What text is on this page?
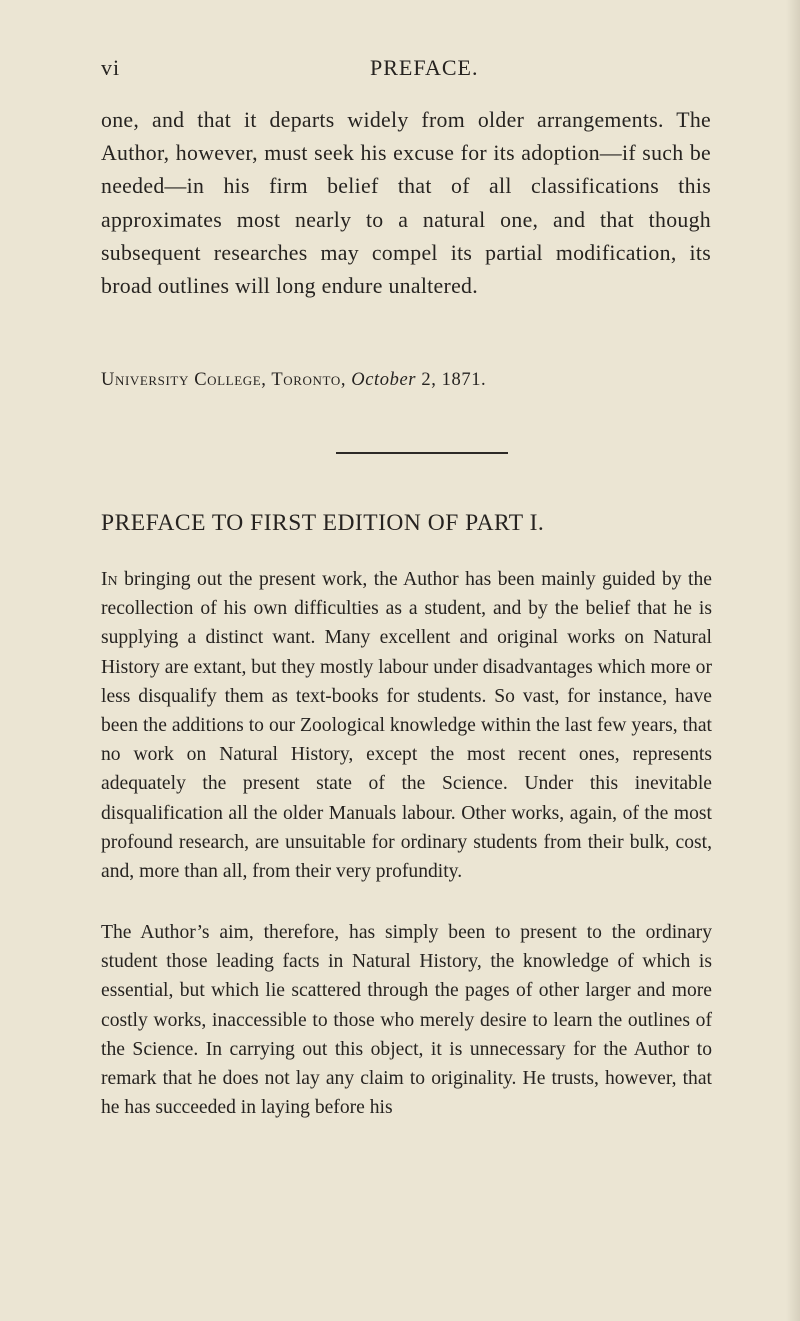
vi	PREFACE.

one, and that it departs widely from older arrangements. The Author, however, must seek his excuse for its adoption—if such be needed—in his firm belief that of all classifications this approximates most nearly to a natural one, and that though subsequent researches may compel its partial modification, its broad outlines will long endure unaltered.

University College, Toronto, October 2, 1871.

PREFACE TO FIRST EDITION OF PART I.

In bringing out the present work, the Author has been mainly guided by the recollection of his own difficulties as a student, and by the belief that he is supplying a distinct want. Many excellent and original works on Natural History are extant, but they mostly labour under disadvantages which more or less disqualify them as text-books for students. So vast, for instance, have been the additions to our Zoological knowledge within the last few years, that no work on Natural History, except the most recent ones, represents adequately the present state of the Science. Under this inevitable disqualification all the older Manuals labour. Other works, again, of the most profound research, are unsuitable for ordinary students from their bulk, cost, and, more than all, from their very profundity.

The Author’s aim, therefore, has simply been to present to the ordinary student those leading facts in Natural History, the knowledge of which is essential, but which lie scattered through the pages of other larger and more costly works, inaccessible to those who merely desire to learn the outlines of the Science. In carrying out this object, it is unnecessary for the Author to remark that he does not lay any claim to originality. He trusts, however, that he has succeeded in laying before his
